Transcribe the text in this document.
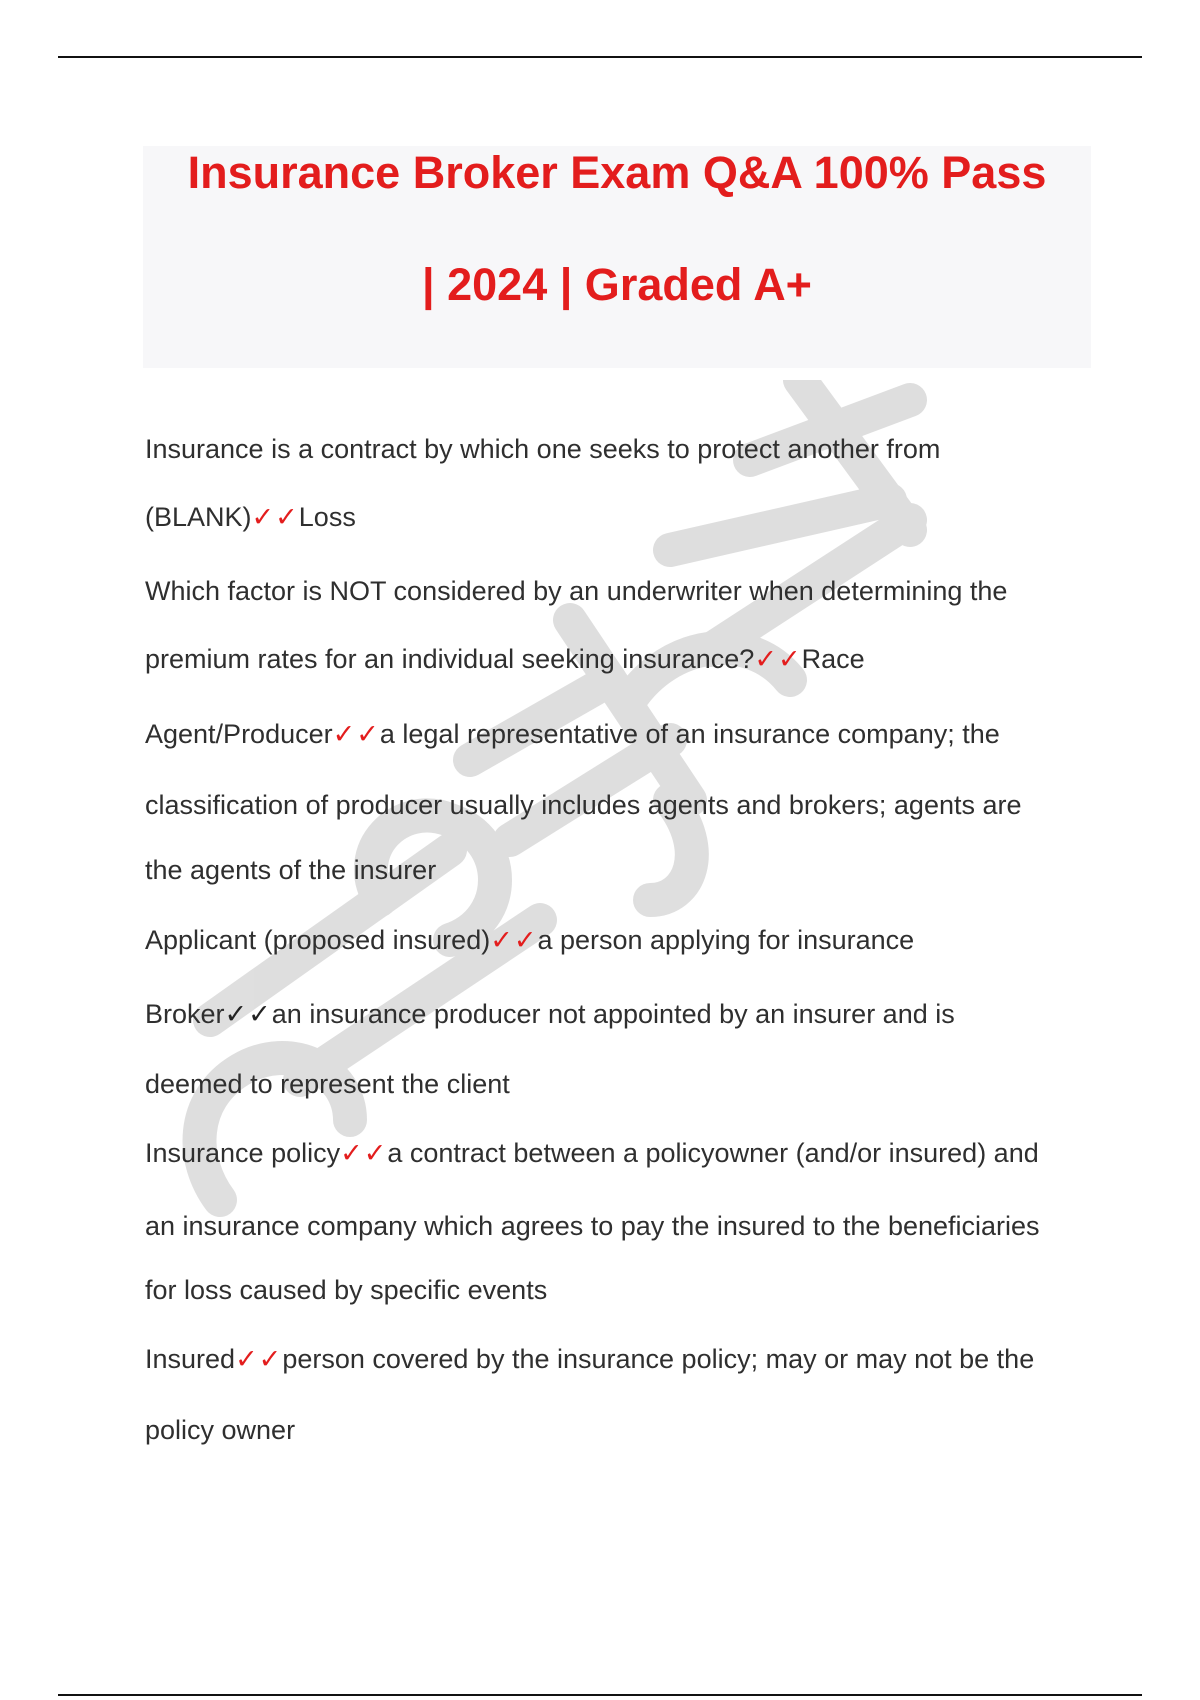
Insurance Broker Exam Q&A 100% Pass
| 2024 | Graded A+
Insurance is a contract by which one seeks to protect another from
(BLANK)✓✓Loss
Which factor is NOT considered by an underwriter when determining the
premium rates for an individual seeking insurance?✓✓Race
Agent/Producer✓✓a legal representative of an insurance company; the
classification of producer usually includes agents and brokers; agents are
the agents of the insurer
Applicant (proposed insured)✓✓a person applying for insurance
Broker✓✓an insurance producer not appointed by an insurer and is
deemed to represent the client
Insurance policy✓✓a contract between a policyowner (and/or insured) and
an insurance company which agrees to pay the insured to the beneficiaries
for loss caused by specific events
Insured✓✓person covered by the insurance policy; may or may not be the
policy owner
